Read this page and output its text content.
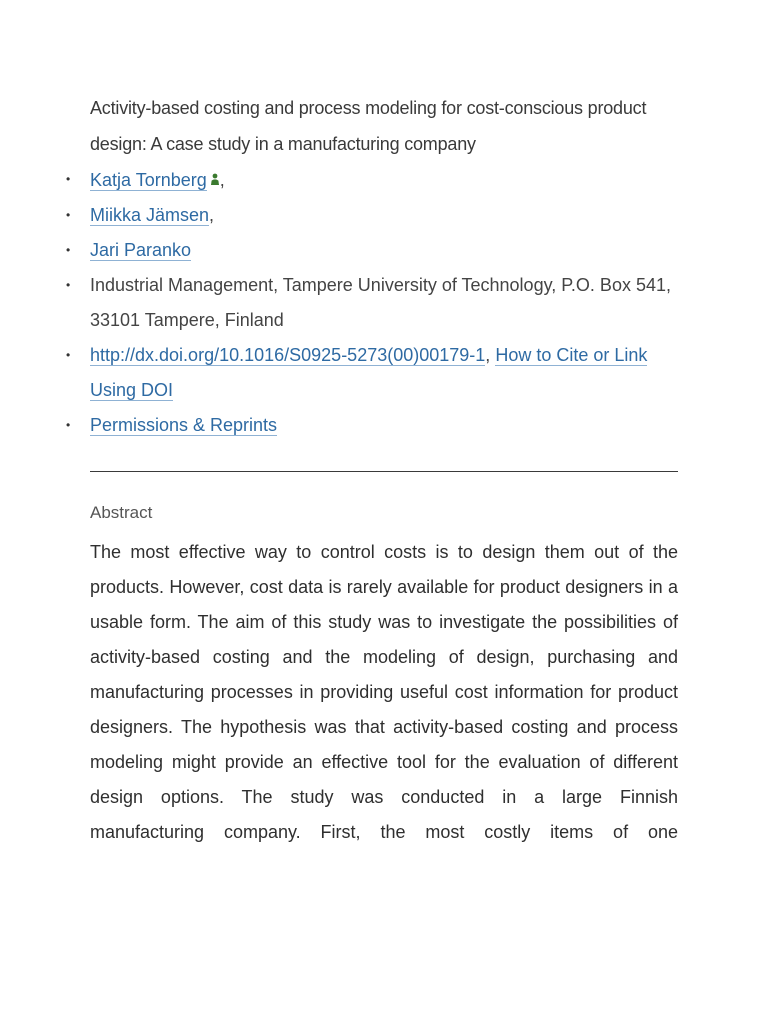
Activity-based costing and process modeling for cost-conscious product design: A case study in a manufacturing company
• Katja Tornberg ,
• Miikka Jämsen,
• Jari Paranko
• Industrial Management, Tampere University of Technology, P.O. Box 541, 33101 Tampere, Finland
• http://dx.doi.org/10.1016/S0925-5273(00)00179-1, How to Cite or Link Using DOI
• Permissions & Reprints
Abstract

The most effective way to control costs is to design them out of the products. However, cost data is rarely available for product designers in a usable form. The aim of this study was to investigate the possibilities of activity-based costing and the modeling of design, purchasing and manufacturing processes in providing useful cost information for product designers. The hypothesis was that activity-based costing and process modeling might provide an effective tool for the evaluation of different design options. The study was conducted in a large Finnish manufacturing company. First, the most costly items of one
